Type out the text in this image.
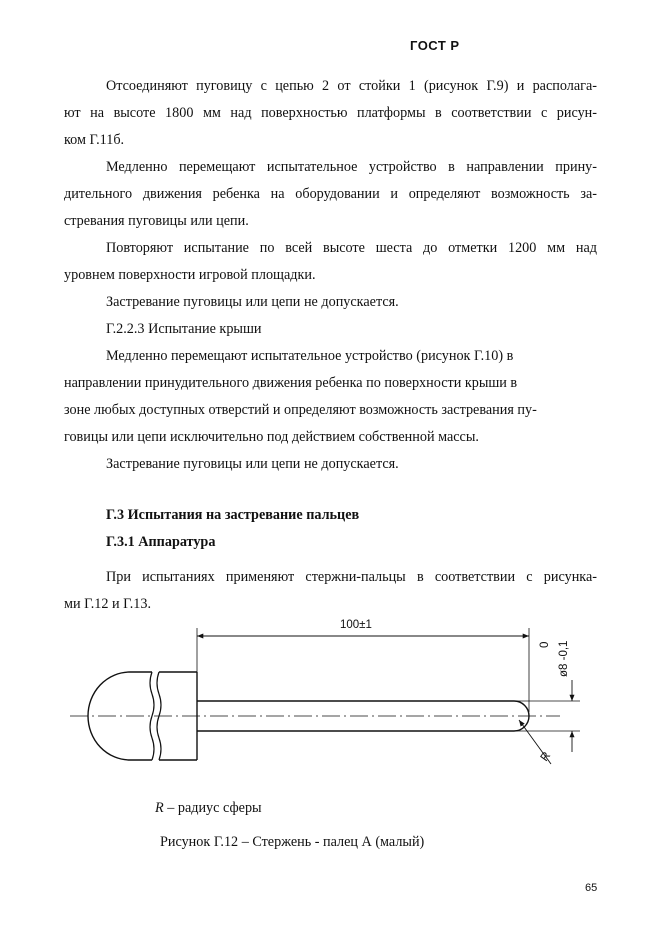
ГОСТ Р
Отсоединяют пуговицу с цепью 2 от стойки 1 (рисунок Г.9) и располага-
ют на высоте 1800 мм над поверхностью платформы в соответствии с рисун-
ком Г.11б.
Медленно перемещают испытательное устройство в направлении прину-
дительного движения ребенка на оборудовании и определяют возможность за-
стревания пуговицы или цепи.
Повторяют испытание по всей высоте шеста до отметки 1200 мм над
уровнем поверхности игровой площадки.
Застревание пуговицы или цепи не допускается.
Г.2.2.3 Испытание крыши
Медленно перемещают испытательное устройство (рисунок Г.10) в
направлении принудительного движения ребенка по поверхности крыши в
зоне любых доступных отверстий и определяют возможность застревания пу-
говицы или цепи исключительно под действием собственной массы.
Застревание пуговицы или цепи не допускается.
Г.3 Испытания на застревание пальцев
Г.3.1 Аппаратура
При испытаниях применяют стержни-пальцы в соответствии с рисунка-
ми Г.12 и Г.13.
100±1
0 ø8 -0,1
R
R – радиус сферы
Рисунок Г.12 – Стержень - палец А (малый)
65
